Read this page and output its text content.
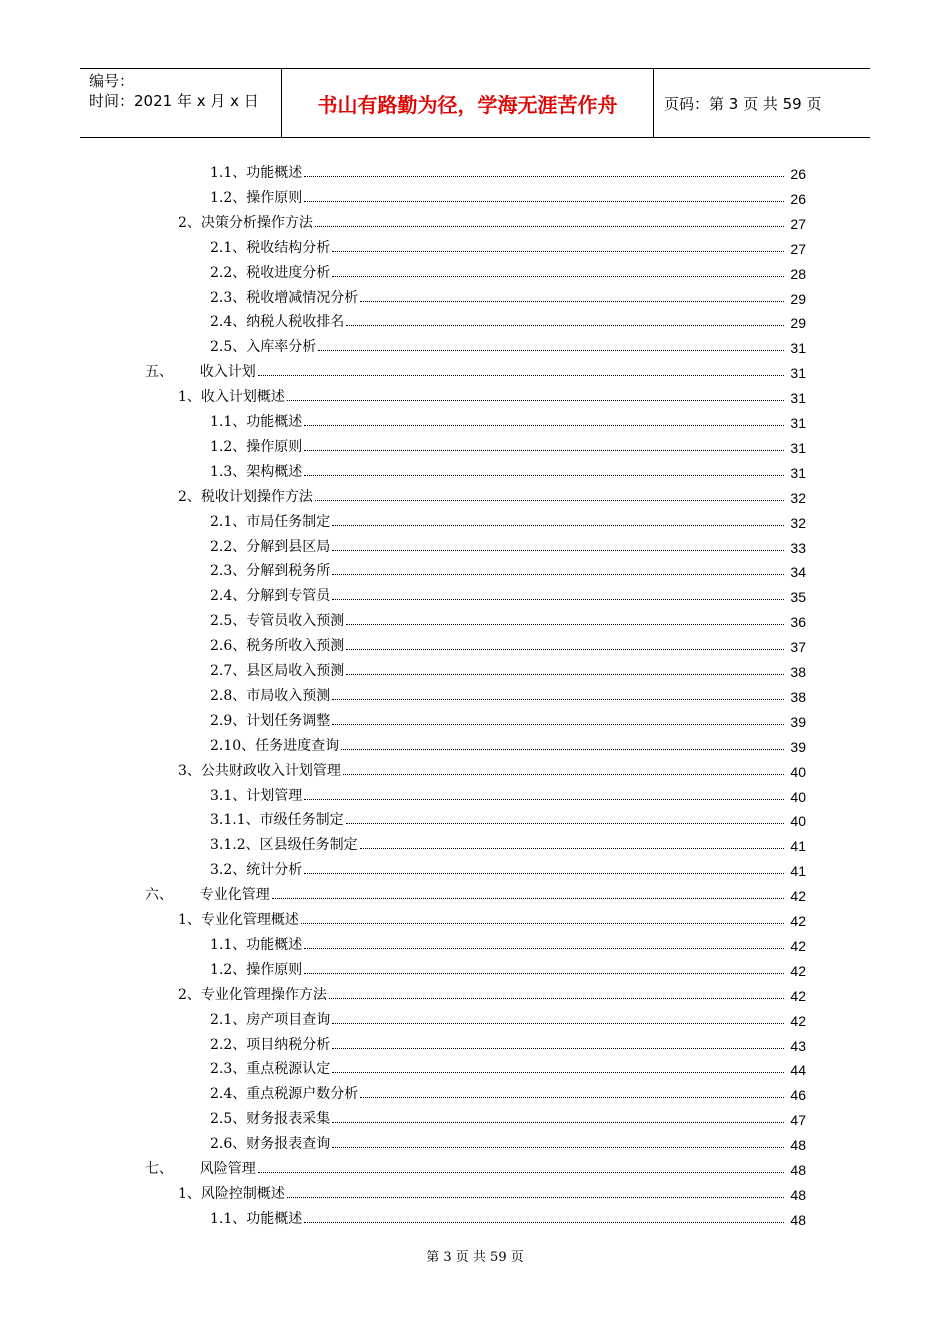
编号：
时间：2021 年 x 月 x 日	书山有路勤为径，学海无涯苦作舟	页码：第 3 页 共 59 页
1.1、功能概述	26
1.2、操作原则	26
2、决策分析操作方法	27
2.1、税收结构分析	27
2.2、税收进度分析	28
2.3、税收增减情况分析	29
2.4、纳税人税收排名	29
2.5、入库率分析	31
五、      收入计划	31
1、收入计划概述	31
1.1、功能概述	31
1.2、操作原则	31
1.3、架构概述	31
2、税收计划操作方法	32
2.1、市局任务制定	32
2.2、分解到县区局	33
2.3、分解到税务所	34
2.4、分解到专管员	35
2.5、专管员收入预测	36
2.6、税务所收入预测	37
2.7、县区局收入预测	38
2.8、市局收入预测	38
2.9、计划任务调整	39
2.10、任务进度查询	39
3、公共财政收入计划管理	40
3.1、计划管理	40
3.1.1、市级任务制定	40
3.1.2、区县级任务制定	41
3.2、统计分析	41
六、      专业化管理	42
1、专业化管理概述	42
1.1、功能概述	42
1.2、操作原则	42
2、专业化管理操作方法	42
2.1、房产项目查询	42
2.2、项目纳税分析	43
2.3、重点税源认定	44
2.4、重点税源户数分析	46
2.5、财务报表采集	47
2.6、财务报表查询	48
七、      风险管理	48
1、风险控制概述	48
1.1、功能概述	48
第 3 页 共 59 页
